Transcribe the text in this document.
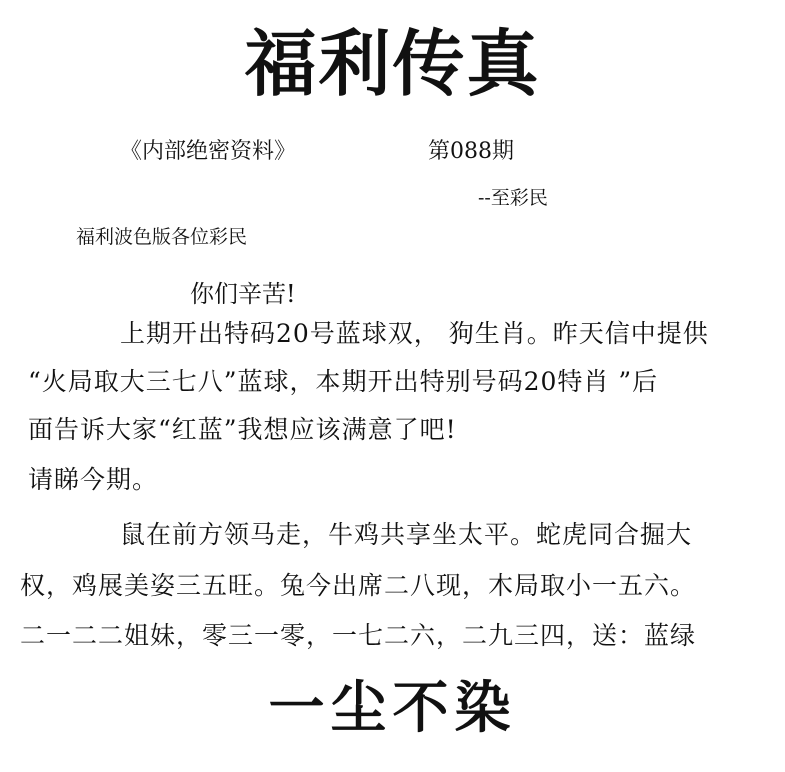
福利传真
《内部绝密资料》	第088期
--至彩民
福利波色版各位彩民
你们辛苦!
上期开出特码20号蓝球双， 狗生肖。昨天信中提供
“火局取大三七八”蓝球，本期开出特别号码20特肖 ”后
面告诉大家“红蓝”我想应该满意了吧!
请睇今期。
鼠在前方领马走，牛鸡共享坐太平。蛇虎同合掘大
权，鸡展美姿三五旺。兔今出席二八现，木局取小一五六。
二一二二姐妹，零三一零，一七二六，二九三四，送：蓝绿
一尘不染
